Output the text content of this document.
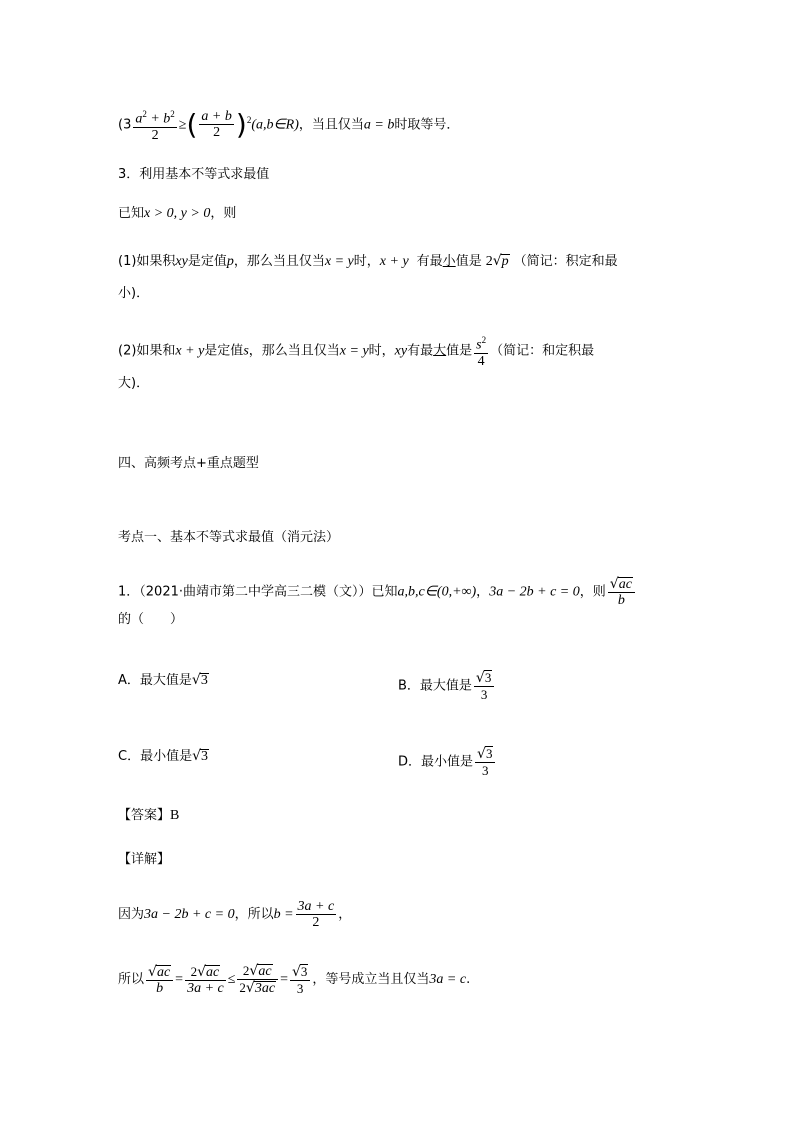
($3 \frac{a^2 + b^2}{2}$ ≥( $\frac{a + b}{2}$ )$^2$(a,b∈R)，当且仅当a = b时取等号．
3．利用基本不等式求最值
已知x > 0, y > 0，则
(1)如果积xy是定值p，那么当且仅当x = y时，x + y 有最小值是 2√p （简记：积定和最
小)．
(2)如果和x + y是定值s，那么当且仅当x = y时，xy有最大值是 $\frac{s^2}{4}$ （简记：和定积最
大)．
四、高频考点+重点题型
考点一、基本不等式求最值（消元法）
1．（2021·曲靖市第二中学高三二模（文））已知a,b,c∈(0,+∞)，3a − 2b + c = 0，则 $\frac{√ac}{b}$
的（　　）
A．最大值是√3	B．最大值是 $\frac{√3}{3}$
C．最小值是√3	D．最小值是 $\frac{√3}{3}$
【答案】B
【详解】
因为3a − 2b + c = 0，所以$b = \frac{3a + c}{2}$ ，
所以 $\frac{√ac}{b} = \frac{2√ac}{3a + c} \le \frac{2√ac}{2√3ac} = \frac{√3}{3}$ ，等号成立当且仅当3a = c.
